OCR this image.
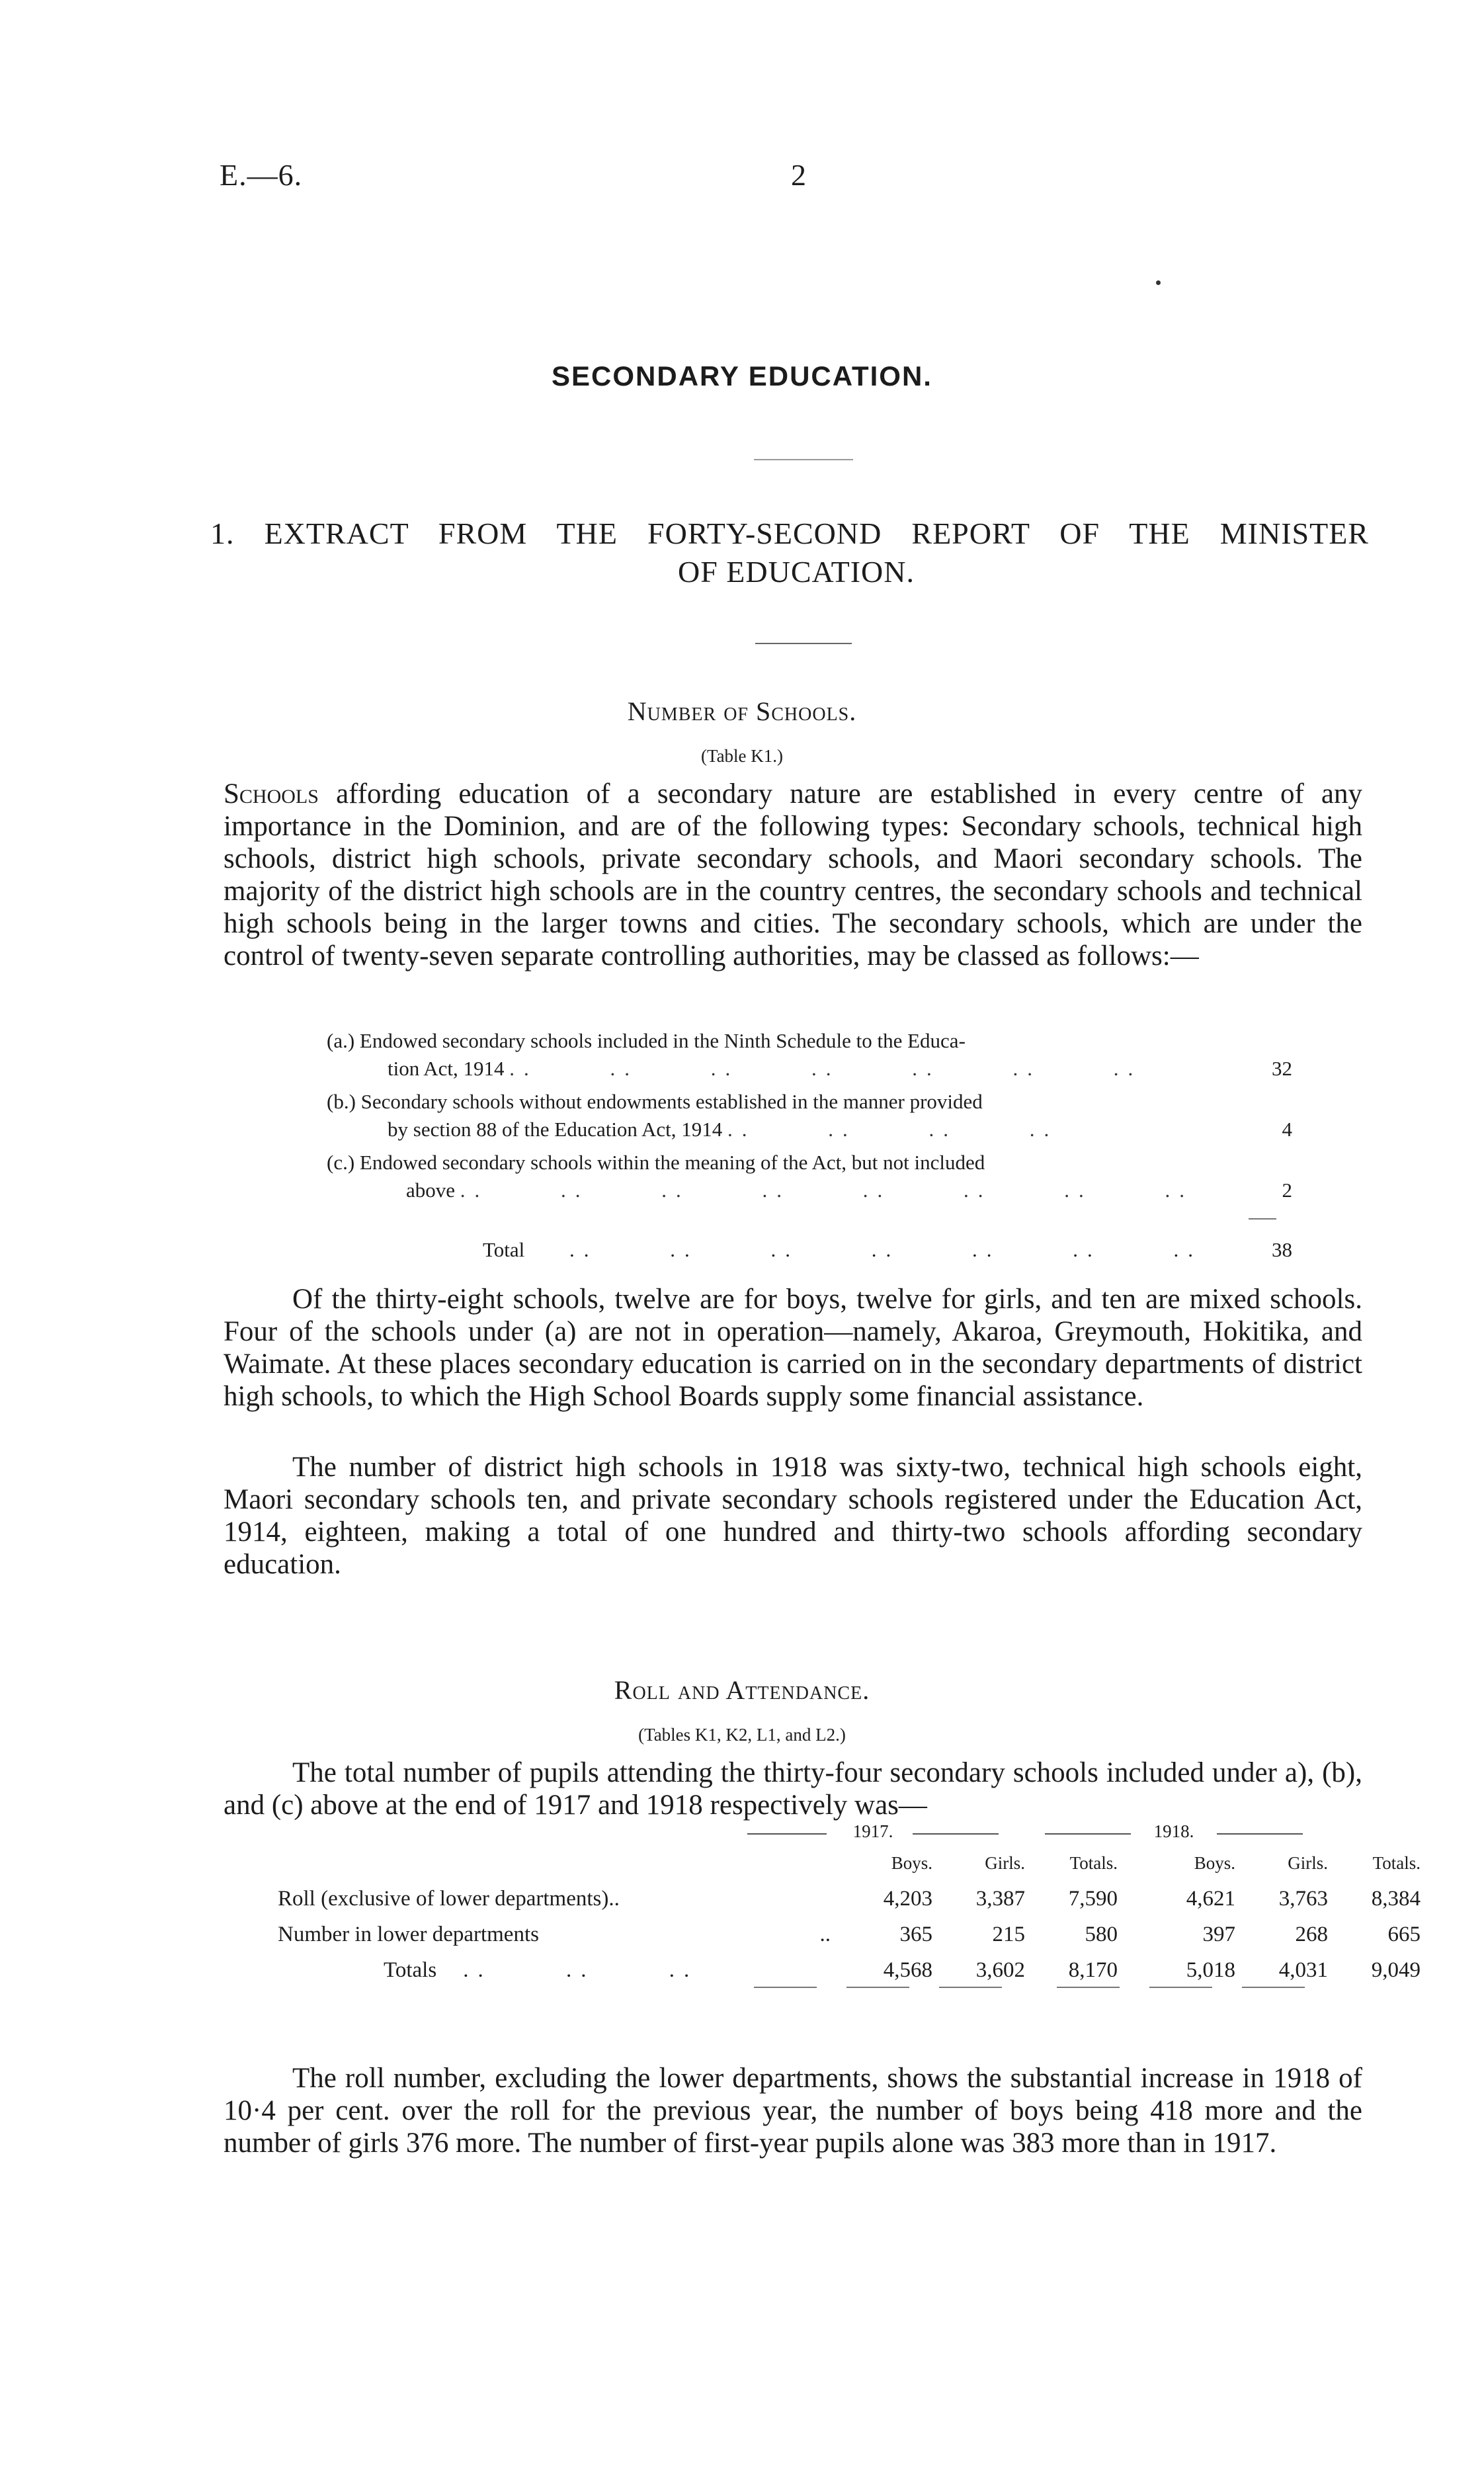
E.—6.	2
SECONDARY EDUCATION.
1. EXTRACT FROM THE FORTY-SECOND REPORT OF THE MINISTER
OF EDUCATION.
Number of Schools.
(Table K1.)
Schools affording education of a secondary nature are established in every centre of any importance in the Dominion, and are of the following types: Secondary schools, technical high schools, district high schools, private secondary schools, and Maori secondary schools. The majority of the district high schools are in the country centres, the secondary schools and technical high schools being in the larger towns and cities. The secondary schools, which are under the control of twenty-seven separate controlling authorities, may be classed as follows:—
(a.) Endowed secondary schools included in the Ninth Schedule to the Educa-
tion Act, 1914 ..     ..     ..     ..     ..     ..     ..	32
(b.) Secondary schools without endowments established in the manner provided
by section 88 of the Education Act, 1914 ..     ..     ..     ..	4
(c.) Endowed secondary schools within the meaning of the Act, but not included
above ..     ..     ..     ..     ..     ..     ..     ..	2
Total ..     ..     ..     ..     ..     ..     ..	38
Of the thirty-eight schools, twelve are for boys, twelve for girls, and ten are mixed schools. Four of the schools under (a) are not in operation—namely, Akaroa, Greymouth, Hokitika, and Waimate. At these places secondary education is carried on in the secondary departments of district high schools, to which the High School Boards supply some financial assistance.
The number of district high schools in 1918 was sixty-two, technical high schools eight, Maori secondary schools ten, and private secondary schools registered under the Education Act, 1914, eighteen, making a total of one hundred and thirty-two schools affording secondary education.
Roll and Attendance.
(Tables K1, K2, L1, and L2.)
The total number of pupils attending the thirty-four secondary schools included under a), (b), and (c) above at the end of 1917 and 1918 respectively was—
1917.	1918.
	Boys.	Girls.	Totals.		Boys.	Girls.	Totals.
Roll (exclusive of lower departments)..	4,203	3,387	7,590		4,621	3,763	8,384
Number in lower departments ..	365	215	580		397	268	665
Totals ..     ..     ..	4,568	3,602	8,170		5,018	4,031	9,049
The roll number, excluding the lower departments, shows the substantial increase in 1918 of 10·4 per cent. over the roll for the previous year, the number of boys being 418 more and the number of girls 376 more. The number of first-year pupils alone was 383 more than in 1917.
